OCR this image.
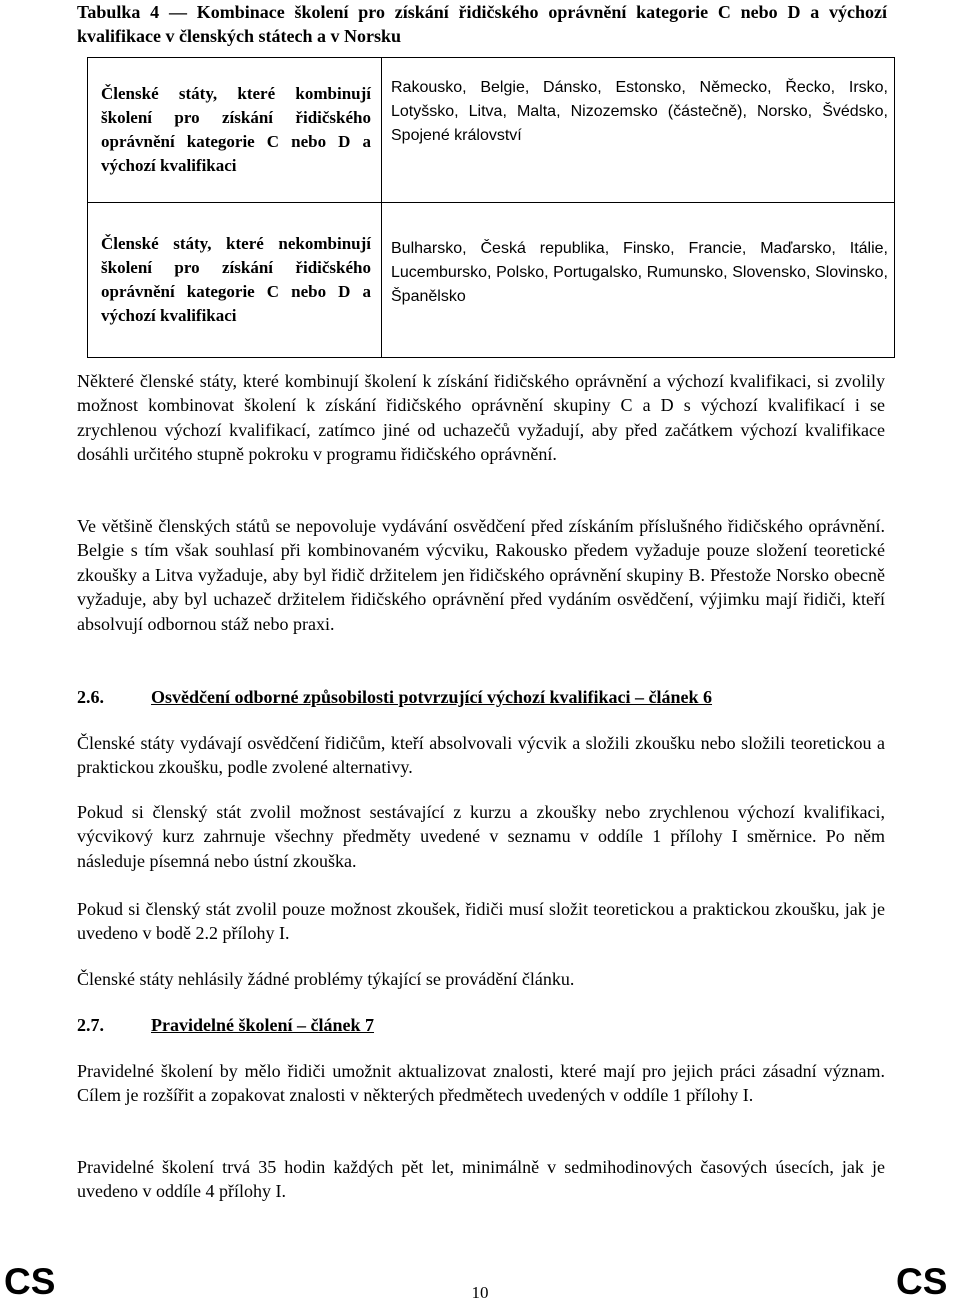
Tabulka 4 — Kombinace školení pro získání řidičského oprávnění kategorie C nebo D a výchozí kvalifikace v členských státech a v Norsku
Členské státy, které kombinují školení pro získání řidičského oprávnění kategorie C nebo D a výchozí kvalifikaci	Rakousko, Belgie, Dánsko, Estonsko, Německo, Řecko, Irsko, Lotyšsko, Litva, Malta, Nizozemsko (částečně), Norsko, Švédsko, Spojené království

Členské státy, které nekombinují školení pro získání řidičského oprávnění kategorie C nebo D a výchozí kvalifikaci	Bulharsko, Česká republika, Finsko, Francie, Maďarsko, Itálie, Lucembursko, Polsko, Portugalsko, Rumunsko, Slovensko, Slovinsko, Španělsko

Některé členské státy, které kombinují školení k získání řidičského oprávnění a výchozí kvalifikaci, si zvolily možnost kombinovat školení k získání řidičského oprávnění skupiny C a D s výchozí kvalifikací i se zrychlenou výchozí kvalifikací, zatímco jiné od uchazečů vyžadují, aby před začátkem výchozí kvalifikace dosáhli určitého stupně pokroku v programu řidičského oprávnění.

Ve většině členských států se nepovoluje vydávání osvědčení před získáním příslušného řidičského oprávnění. Belgie s tím však souhlasí při kombinovaném výcviku, Rakousko předem vyžaduje pouze složení teoretické zkoušky a Litva vyžaduje, aby byl řidič držitelem jen řidičského oprávnění skupiny B. Přestože Norsko obecně vyžaduje, aby byl uchazeč držitelem řidičského oprávnění před vydáním osvědčení, výjimku mají řidiči, kteří absolvují odbornou stáž nebo praxi.

2.6.	Osvědčení odborné způsobilosti potvrzující výchozí kvalifikaci – článek 6

Členské státy vydávají osvědčení řidičům, kteří absolvovali výcvik a složili zkoušku nebo složili teoretickou a praktickou zkoušku, podle zvolené alternativy.

Pokud si členský stát zvolil možnost sestávající z kurzu a zkoušky nebo zrychlenou výchozí kvalifikaci, výcvikový kurz zahrnuje všechny předměty uvedené v seznamu v oddíle 1 přílohy I směrnice. Po něm následuje písemná nebo ústní zkouška.

Pokud si členský stát zvolil pouze možnost zkoušek, řidiči musí složit teoretickou a praktickou zkoušku, jak je uvedeno v bodě 2.2 přílohy I.

Členské státy nehlásily žádné problémy týkající se provádění článku.

2.7.	Pravidelné školení – článek 7

Pravidelné školení by mělo řidiči umožnit aktualizovat znalosti, které mají pro jejich práci zásadní význam. Cílem je rozšířit a zopakovat znalosti v některých předmětech uvedených v oddíle 1 přílohy I.

Pravidelné školení trvá 35 hodin každých pět let, minimálně v sedmihodinových časových úsecích, jak je uvedeno v oddíle 4 přílohy I.

CS	10	CS
